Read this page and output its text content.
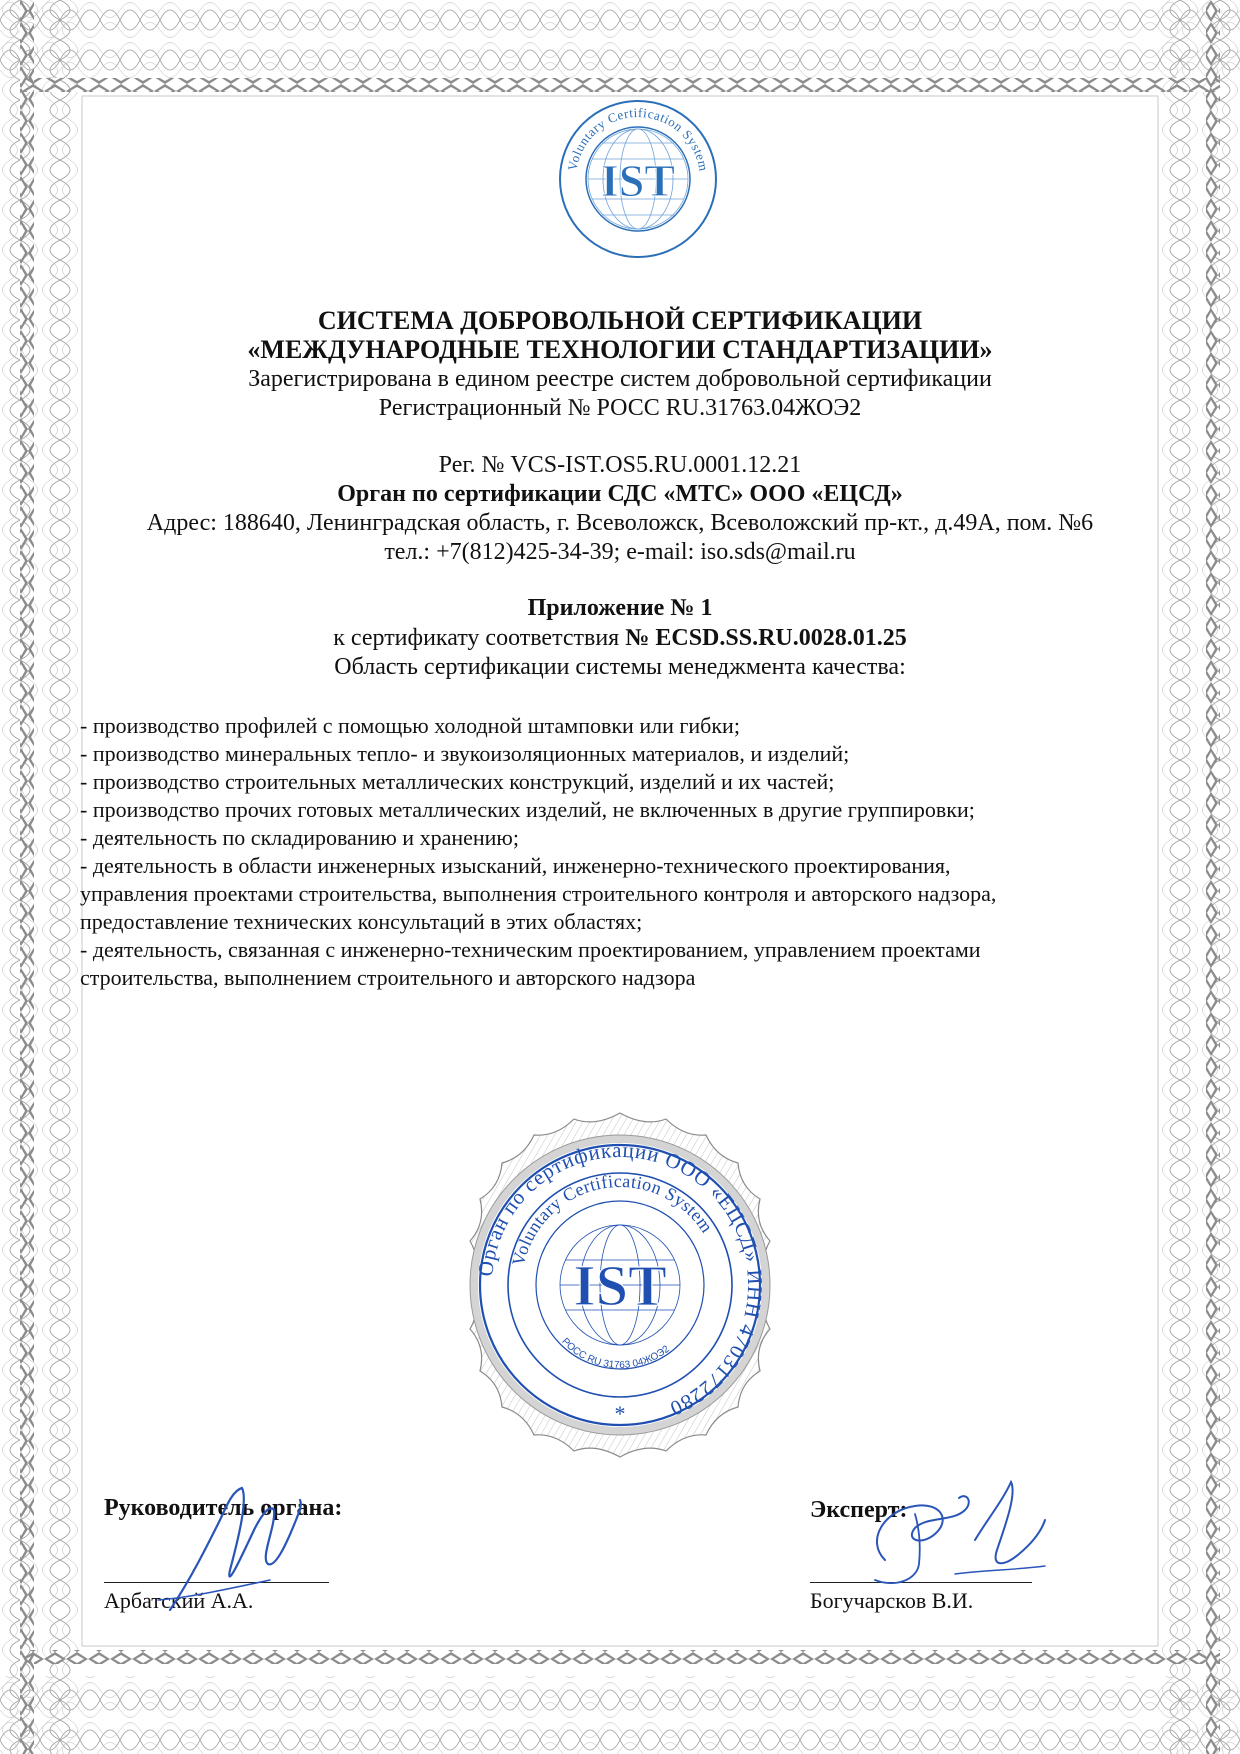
Voluntary Certification System
IST
СИСТЕМА ДОБРОВОЛЬНОЙ СЕРТИФИКАЦИИ
«МЕЖДУНАРОДНЫЕ ТЕХНОЛОГИИ СТАНДАРТИЗАЦИИ»
Зарегистрирована в едином реестре систем добровольной сертификации
Регистрационный № РОСС RU.31763.04ЖОЭ2
Рег. № VCS-IST.OS5.RU.0001.12.21
Орган по сертификации СДС «МТС» ООО «ЕЦСД»
Адрес: 188640, Ленинградская область, г. Всеволожск, Всеволожский пр-кт., д.49А, пом. №6
тел.: +7(812)425-34-39; e-mail: iso.sds@mail.ru
Приложение № 1
к сертификату соответствия № ECSD.SS.RU.0028.01.25
Область сертификации системы менеджмента качества:

- производство профилей с помощью холодной штамповки или гибки;

- производство минеральных тепло- и звукоизоляционных материалов, и изделий;

- производство строительных металлических конструкций, изделий и их частей;

- производство прочих готовых металлических изделий, не включенных в другие группировки;

- деятельность по складированию и хранению;

- деятельность в области инженерных изысканий, инженерно-технического проектирования, управления проектами строительства, выполнения строительного контроля и авторского надзора, предоставление технических консультаций в этих областях;

- деятельность, связанная с инженерно-техническим проектированием, управлением проектами строительства, выполнением строительного и авторского надзора

Орган по сертификации ООО «ЕЦСД» ИНН 4703172280
Voluntary Certification System
РОСС RU 31763 04ЖОЭ2
IST
*
Руководитель органа:
Арбатский А.А.
Эксперт:
Богучарсков В.И.
